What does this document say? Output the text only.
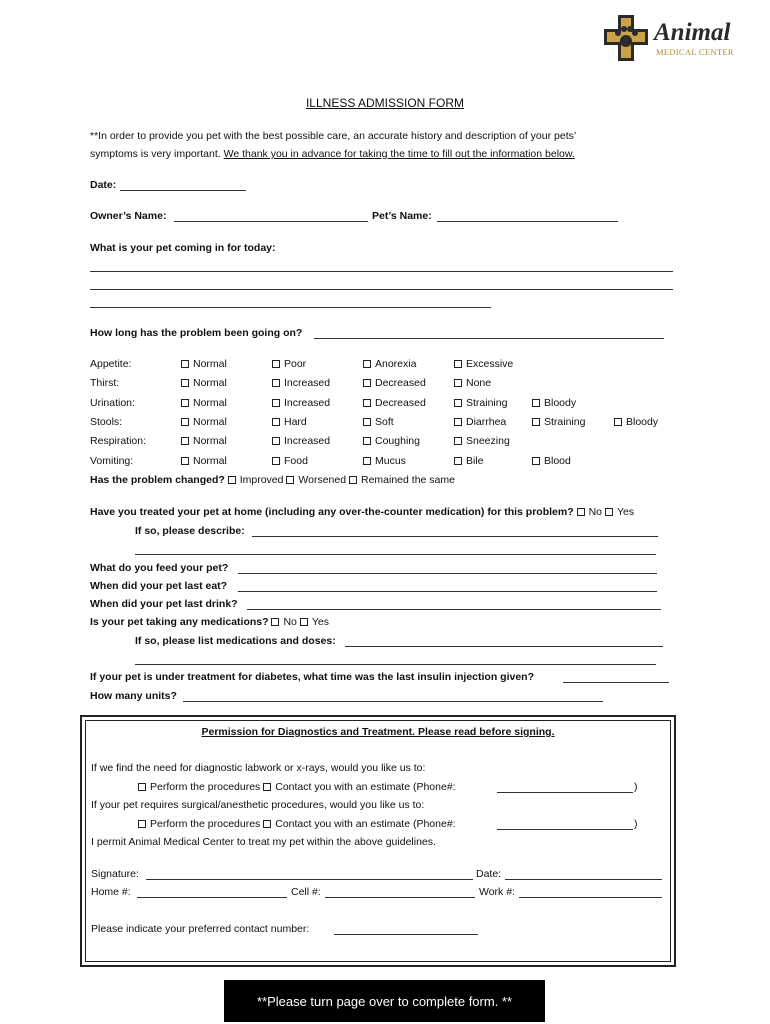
Animal
MEDICAL CENTER
ILLNESS ADMISSION FORM
**In order to provide you pet with the best possible care, an accurate history and description of your pets’
symptoms is very important. We thank you in advance for taking the time to fill out the information below.
Date:
Owner’s Name:	Pet’s Name:
What is your pet coming in for today:
How long has the problem been going on?
Appetite:	Normal	Poor	Anorexia	Excessive
Thirst:	Normal	Increased	Decreased	None
Urination:	Normal	Increased	Decreased	Straining	Bloody
Stools:	Normal	Hard	Soft	Diarrhea	Straining	Bloody
Respiration:	Normal	Increased	Coughing	Sneezing
Vomiting:	Normal	Food	Mucus	Bile	Blood
Has the problem changed? Improved Worsened Remained the same
Have you treated your pet at home (including any over-the-counter medication) for this problem? No Yes
If so, please describe:
What do you feed your pet?
When did your pet last eat?
When did your pet last drink?
Is your pet taking any medications? No Yes
If so, please list medications and doses:
If your pet is under treatment for diabetes, what time was the last insulin injection given?
How many units?
Permission for Diagnostics and Treatment. Please read before signing.
If we find the need for diagnostic labwork or x-rays, would you like us to:
Perform the procedures Contact you with an estimate (Phone#:	)
If your pet requires surgical/anesthetic procedures, would you like us to:
Perform the procedures Contact you with an estimate (Phone#:	)
I permit Animal Medical Center to treat my pet within the above guidelines.
Signature:	Date:
Home #:	Cell #:	Work #:
Please indicate your preferred contact number:
**Please turn page over to complete form. **
